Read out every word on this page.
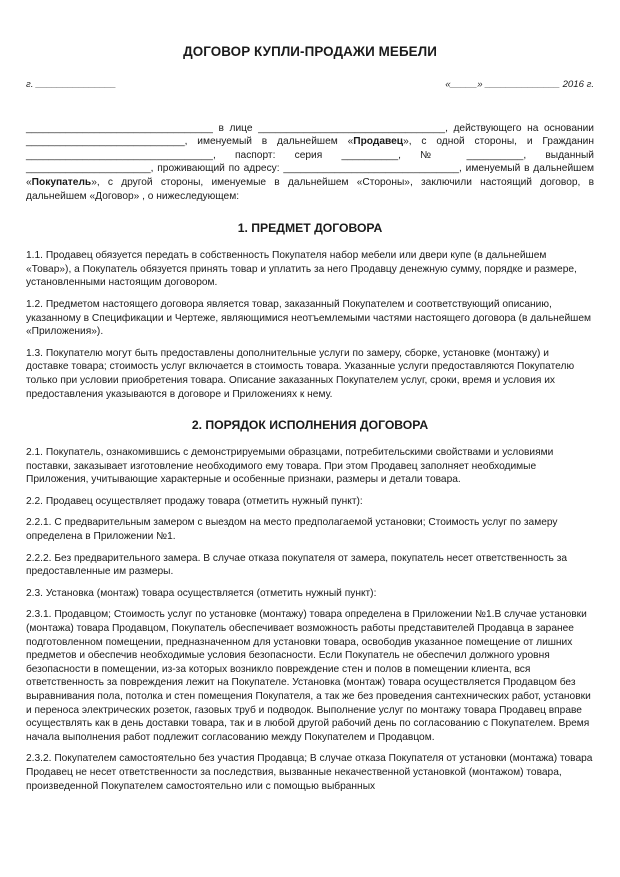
ДОГОВОР КУПЛИ-ПРОДАЖИ МЕБЕЛИ
г. _______________	«_____» ______________ 2016 г.

_________________________________ в лице _________________________________, действующего на основании ____________________________, именуемый в дальнейшем «Продавец», с одной стороны, и Гражданин _________________________________, паспорт: серия __________, № __________, выданный ______________________, проживающий по адресу: _______________________________, именуемый в дальнейшем «Покупатель», с другой стороны, именуемые в дальнейшем «Стороны», заключили настоящий договор, в дальнейшем «Договор» , о нижеследующем:

1. ПРЕДМЕТ ДОГОВОРА

1.1. Продавец обязуется передать в собственность Покупателя набор мебели или двери купе (в дальнейшем «Товар»), а Покупатель обязуется принять товар и уплатить за него Продавцу денежную сумму, порядке и размере, установленными настоящим договором.

1.2. Предметом настоящего договора является товар, заказанный Покупателем и соответствующий описанию, указанному в Спецификации и Чертеже, являющимися неотъемлемыми частями настоящего договора (в дальнейшем «Приложения»).

1.3. Покупателю могут быть предоставлены дополнительные услуги по замеру, сборке, установке (монтажу) и доставке товара; стоимость услуг включается в стоимость товара. Указанные услуги предоставляются Покупателю только при условии приобретения товара. Описание заказанных Покупателем услуг, сроки, время и условия их предоставления указываются в договоре и Приложениях к нему.

2. ПОРЯДОК ИСПОЛНЕНИЯ ДОГОВОРА

2.1. Покупатель, ознакомившись с демонстрируемыми образцами, потребительскими свойствами и условиями поставки, заказывает изготовление необходимого ему товара. При этом Продавец заполняет необходимые Приложения, учитывающие характерные и особенные признаки, размеры и детали товара.

2.2. Продавец осуществляет продажу товара (отметить нужный пункт):

2.2.1. С предварительным замером с выездом на место предполагаемой установки; Стоимость услуг по замеру определена в Приложении №1.

2.2.2. Без предварительного замера. В случае отказа покупателя от замера, покупатель несет ответственность за предоставленные им размеры.

2.3. Установка (монтаж) товара осуществляется (отметить нужный пункт):

2.3.1. Продавцом; Стоимость услуг по установке (монтажу) товара определена в Приложении №1.В случае установки (монтажа) товара Продавцом, Покупатель обеспечивает возможность работы представителей Продавца в заранее подготовленном помещении, предназначенном для установки товара, освободив указанное помещение от лишних предметов и обеспечив необходимые условия безопасности. Если Покупатель не обеспечил должного уровня безопасности в помещении, из-за которых возникло повреждение стен и полов в помещении клиента, вся ответственность за повреждения лежит на Покупателе. Установка (монтаж) товара осуществляется Продавцом без выравнивания пола, потолка и стен помещения Покупателя, а так же без проведения сантехнических работ, установки и переноса электрических розеток, газовых труб и подводок. Выполнение услуг по монтажу товара Продавец вправе осуществлять как в день доставки товара, так и в любой другой рабочий день по согласованию с Покупателем. Время начала выполнения работ подлежит согласованию между Покупателем и Продавцом.

2.3.2. Покупателем самостоятельно без участия Продавца; В случае отказа Покупателя от установки (монтажа) товара Продавец не несет ответственности за последствия, вызванные некачественной установкой (монтажом) товара, произведенной Покупателем самостоятельно или с помощью выбранных
